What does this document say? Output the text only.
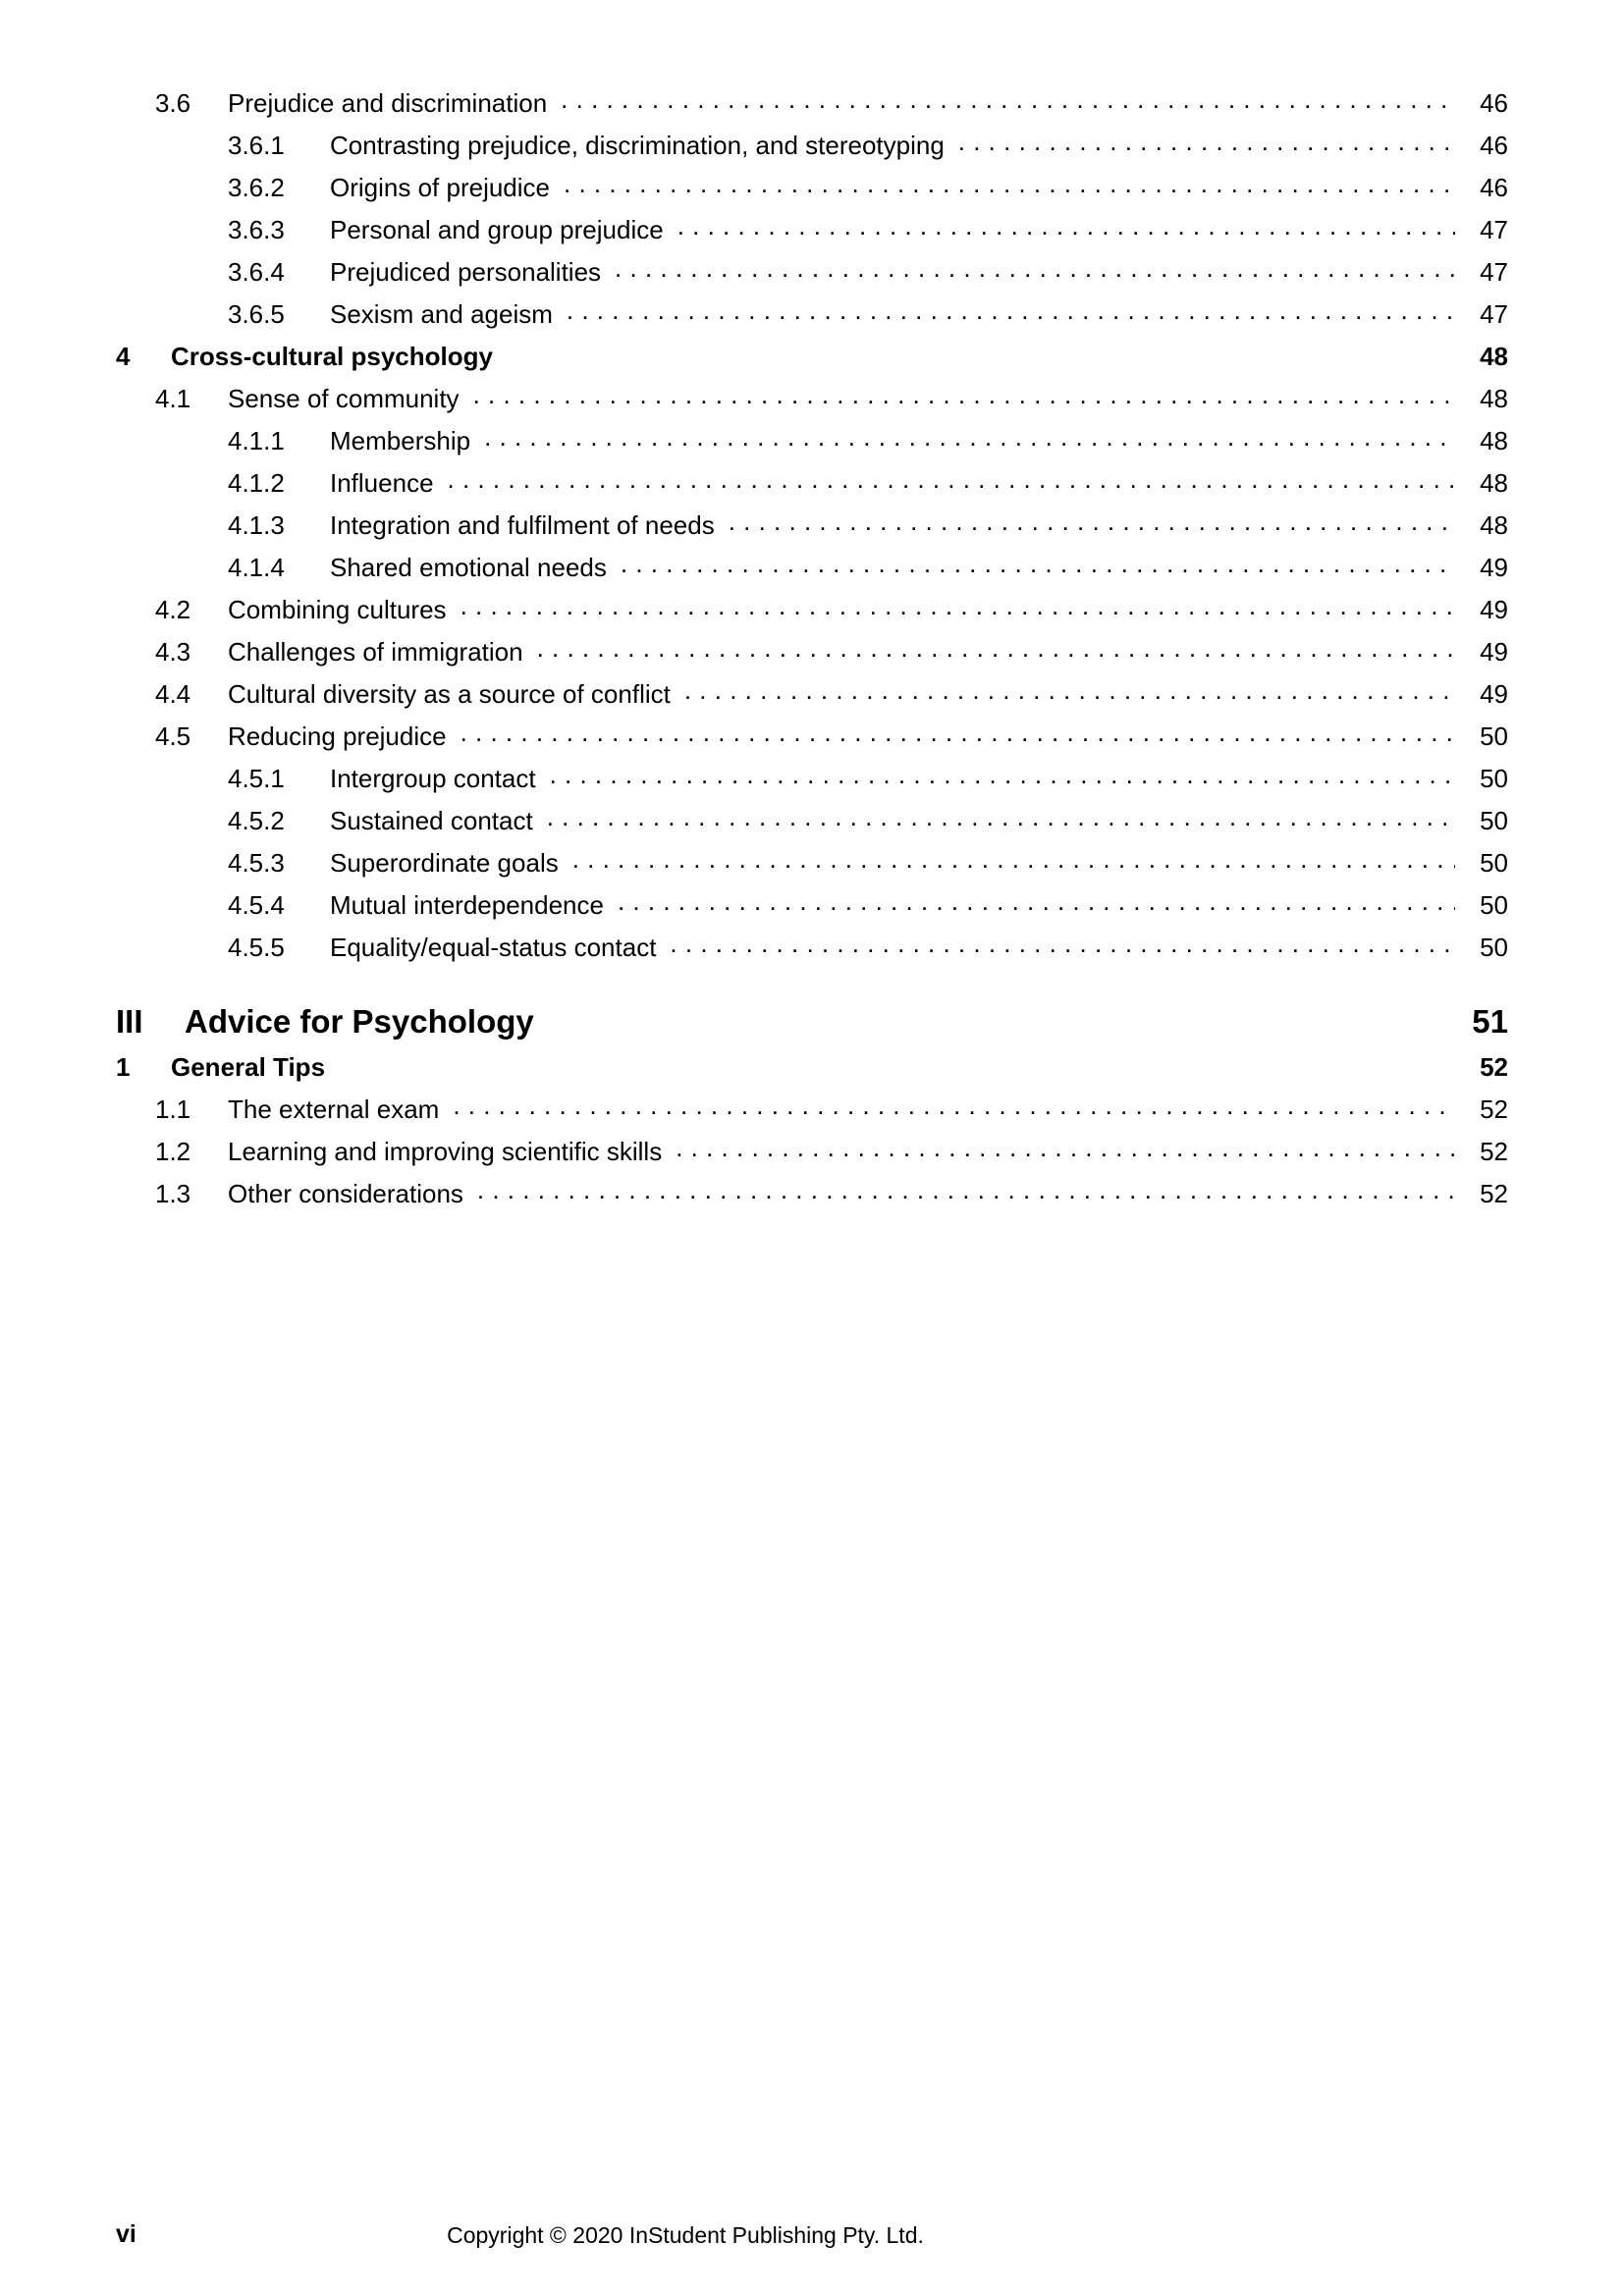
3.6	Prejudice and discrimination . . .	46
3.6.1	Contrasting prejudice, discrimination, and stereotyping . . .	46
3.6.2	Origins of prejudice . . .	46
3.6.3	Personal and group prejudice . . .	47
3.6.4	Prejudiced personalities . . .	47
3.6.5	Sexism and ageism . . .	47
4	Cross-cultural psychology	48
4.1	Sense of community . . .	48
4.1.1	Membership . . .	48
4.1.2	Influence . . .	48
4.1.3	Integration and fulfilment of needs . . .	48
4.1.4	Shared emotional needs . . .	49
4.2	Combining cultures . . .	49
4.3	Challenges of immigration . . .	49
4.4	Cultural diversity as a source of conflict . . .	49
4.5	Reducing prejudice . . .	50
4.5.1	Intergroup contact . . .	50
4.5.2	Sustained contact . . .	50
4.5.3	Superordinate goals . . .	50
4.5.4	Mutual interdependence . . .	50
4.5.5	Equality/equal-status contact . . .	50
III	Advice for Psychology	51
1	General Tips	52
1.1	The external exam . . .	52
1.2	Learning and improving scientific skills . . .	52
1.3	Other considerations . . .	52
vi	Copyright © 2020 InStudent Publishing Pty. Ltd.
